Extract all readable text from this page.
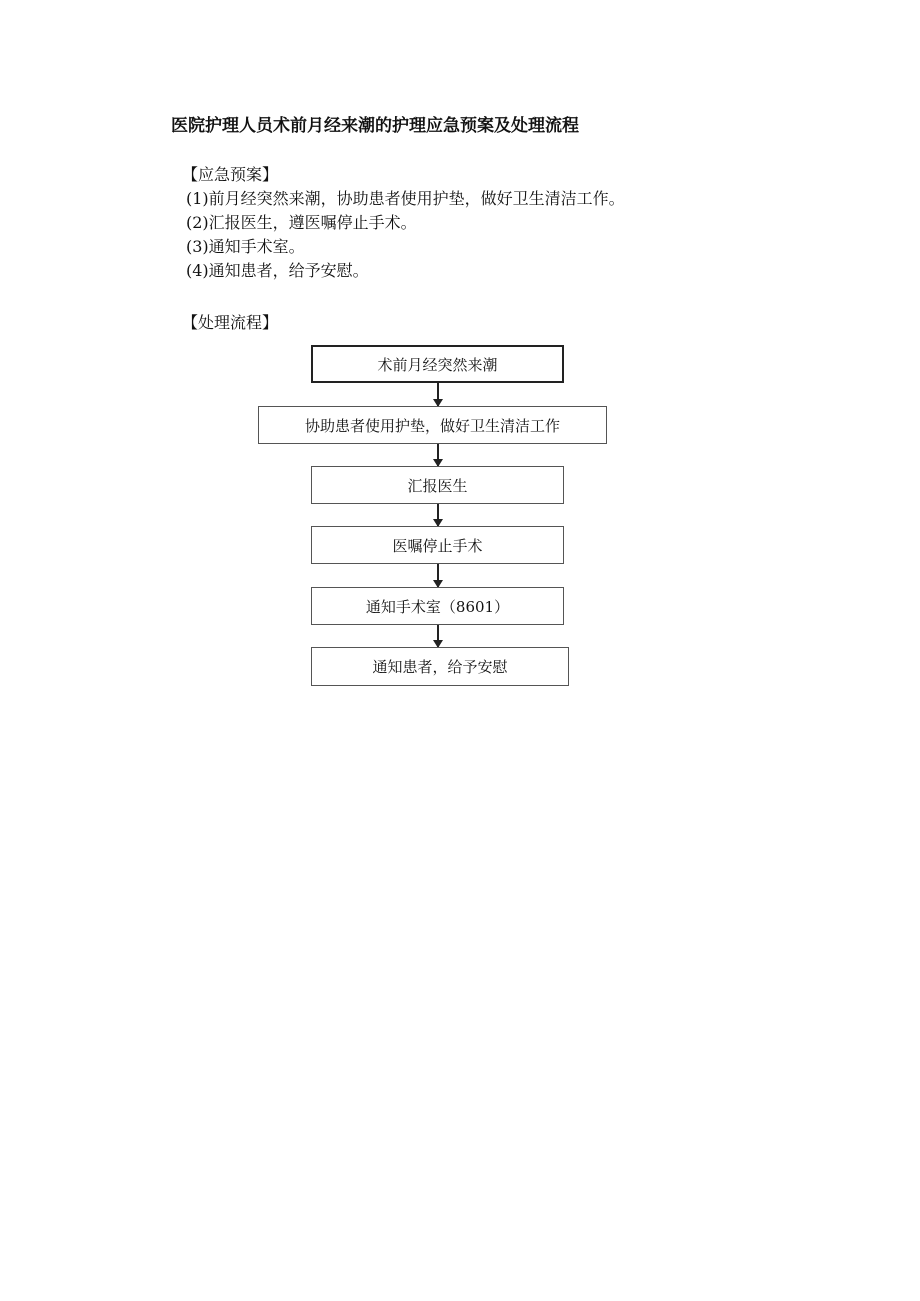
医院护理人员术前月经来潮的护理应急预案及处理流程
【应急预案】
(1)前月经突然来潮，协助患者使用护垫，做好卫生清洁工作。
(2)汇报医生，遵医嘱停止手术。
(3)通知手术室。
(4)通知患者，给予安慰。
【处理流程】
术前月经突然来潮
协助患者使用护垫，做好卫生清洁工作
汇报医生
医嘱停止手术
通知手术室（8601）
通知患者，给予安慰
